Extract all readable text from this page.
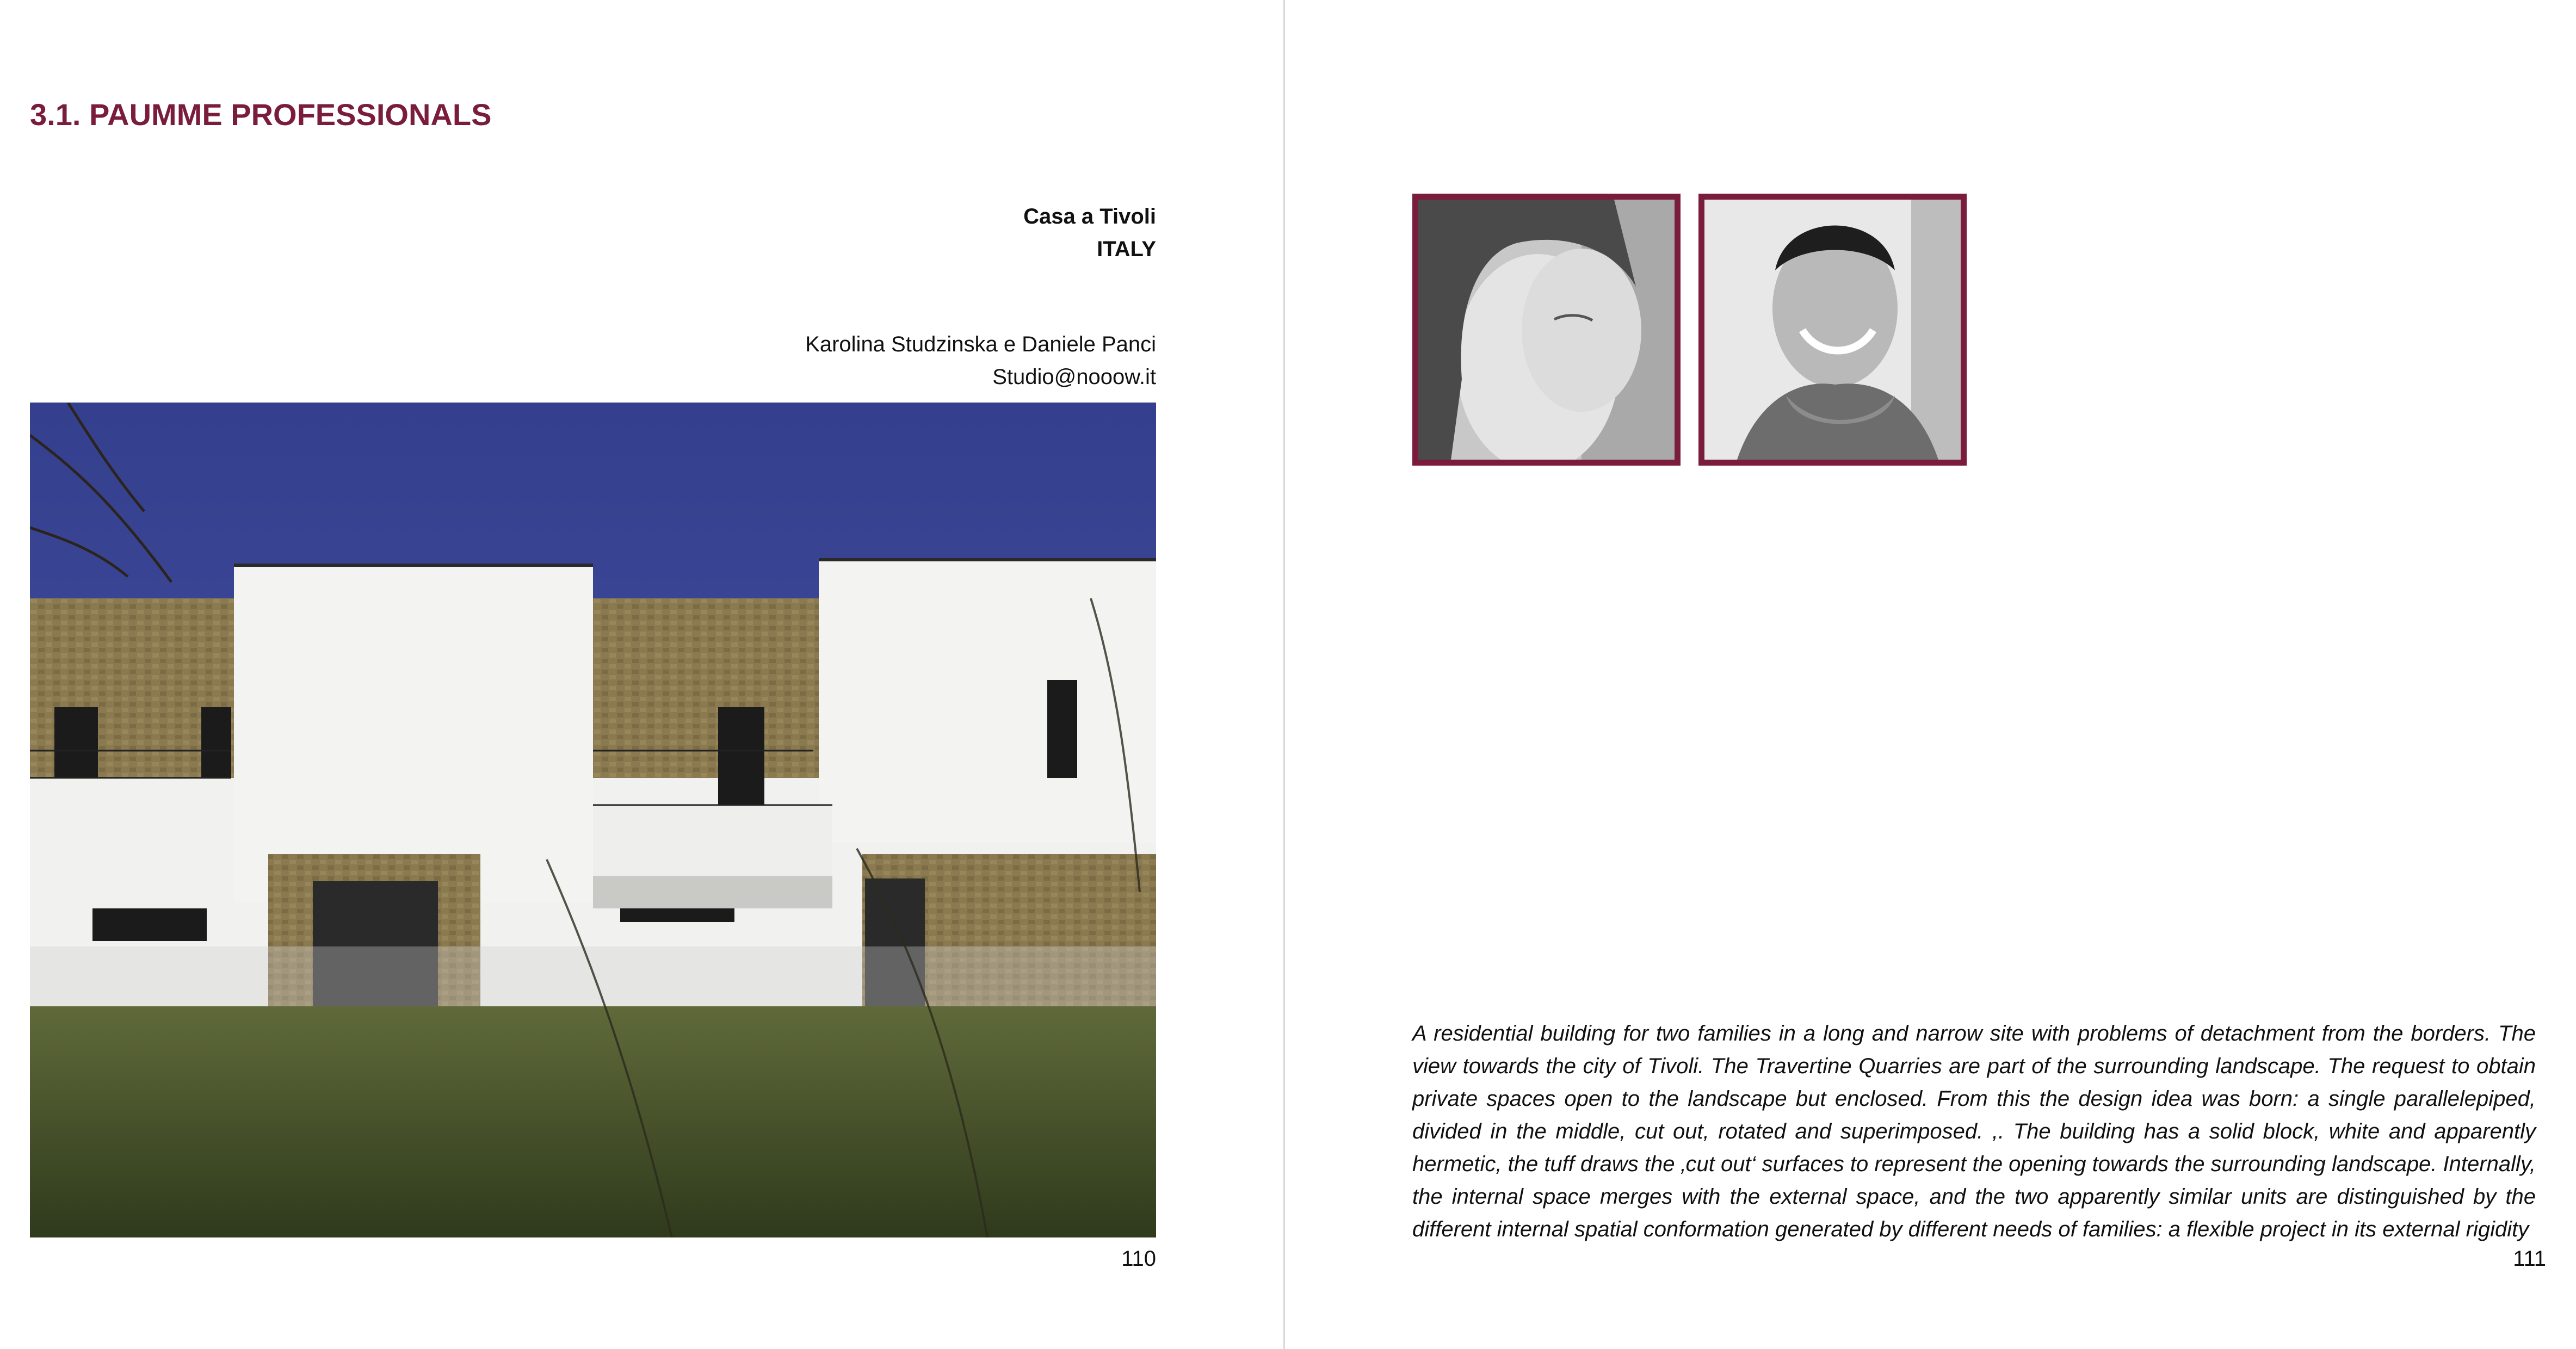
3.1. PAUMME PROFESSIONALS
Casa a Tivoli
ITALY
Karolina Studzinska e Daniele Panci
Studio@nooow.it
110

A residential building for two families in a long and narrow site with problems of detachment from the borders. The view towards the city of Tivoli. The Travertine Quarries are part of the surrounding landscape. The request to obtain private spaces open to the landscape but enclosed. From this the design idea was born: a single parallelepiped, divided in the middle, cut out, rotated and superimposed. ,. The building has a solid block, white and apparently hermetic, the tuff draws the ‚cut out‘ surfaces to represent the opening towards the surrounding landscape. Internally, the internal space merges with the external space, and the two apparently similar units are distinguished by the different internal spatial conformation generated by different needs of families: a flexible project in its external rigidity

111
